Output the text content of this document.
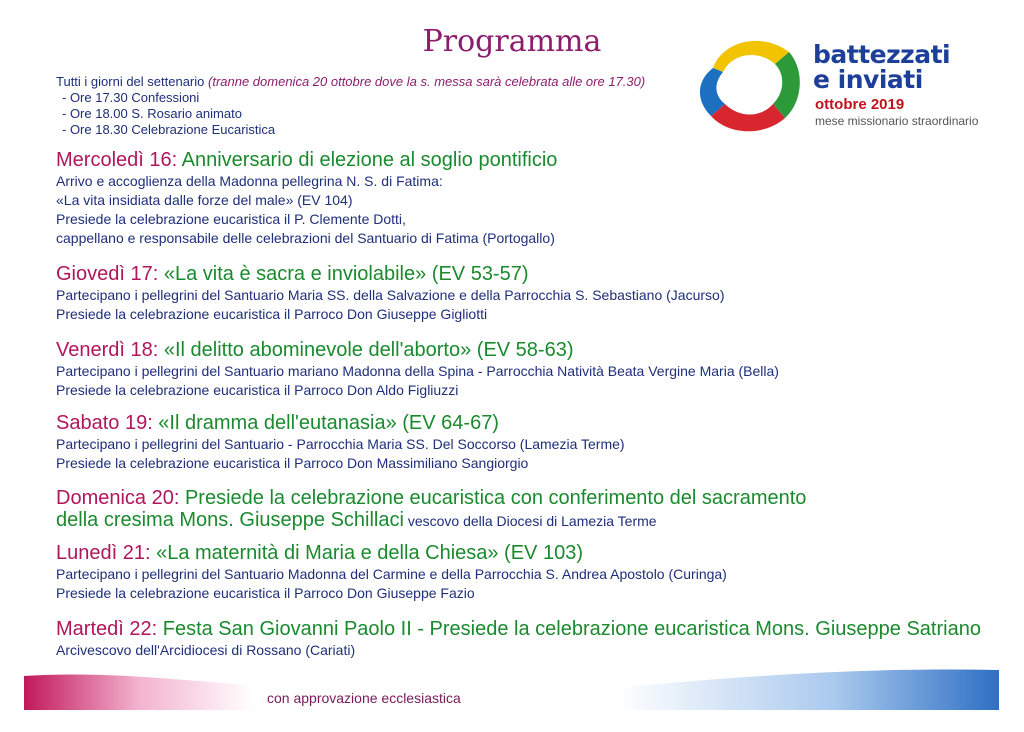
Programma
Tutti i giorni del settenario (tranne domenica 20 ottobre dove la s. messa sarà celebrata alle ore 17.30)
- Ore 17.30 Confessioni
- Ore 18.00 S. Rosario animato
- Ore 18.30 Celebrazione Eucaristica
battezzati
e inviati
ottobre 2019
mese missionario straordinario
Mercoledì 16: Anniversario di elezione al soglio pontificio
Arrivo e accoglienza della Madonna pellegrina N. S. di Fatima:
«La vita insidiata dalle forze del male» (EV 104)
Presiede la celebrazione eucaristica il P. Clemente Dotti,
cappellano e responsabile delle celebrazioni del Santuario di Fatima (Portogallo)
Giovedì 17: «La vita è sacra e inviolabile» (EV 53-57)
Partecipano i pellegrini del Santuario Maria SS. della Salvazione e della Parrocchia S. Sebastiano (Jacurso)
Presiede la celebrazione eucaristica il Parroco Don Giuseppe Gigliotti
Venerdì 18: «Il delitto abominevole dell'aborto» (EV 58-63)
Partecipano i pellegrini del Santuario mariano Madonna della Spina - Parrocchia Natività Beata Vergine Maria (Bella)
Presiede la celebrazione eucaristica il Parroco Don Aldo Figliuzzi
Sabato 19: «Il dramma dell'eutanasia» (EV 64-67)
Partecipano i pellegrini del Santuario - Parrocchia Maria SS. Del Soccorso (Lamezia Terme)
Presiede la celebrazione eucaristica il Parroco Don Massimiliano Sangiorgio
Domenica 20: Presiede la celebrazione eucaristica con conferimento del sacramento
della cresima Mons. Giuseppe Schillaci vescovo della Diocesi di Lamezia Terme
Lunedì 21: «La maternità di Maria e della Chiesa» (EV 103)
Partecipano i pellegrini del Santuario Madonna del Carmine e della Parrocchia S. Andrea Apostolo (Curinga)
Presiede la celebrazione eucaristica il Parroco Don Giuseppe Fazio
Martedì 22: Festa San Giovanni Paolo II - Presiede la celebrazione eucaristica Mons. Giuseppe Satriano
Arcivescovo dell'Arcidiocesi di Rossano (Cariati)
con approvazione ecclesiastica
